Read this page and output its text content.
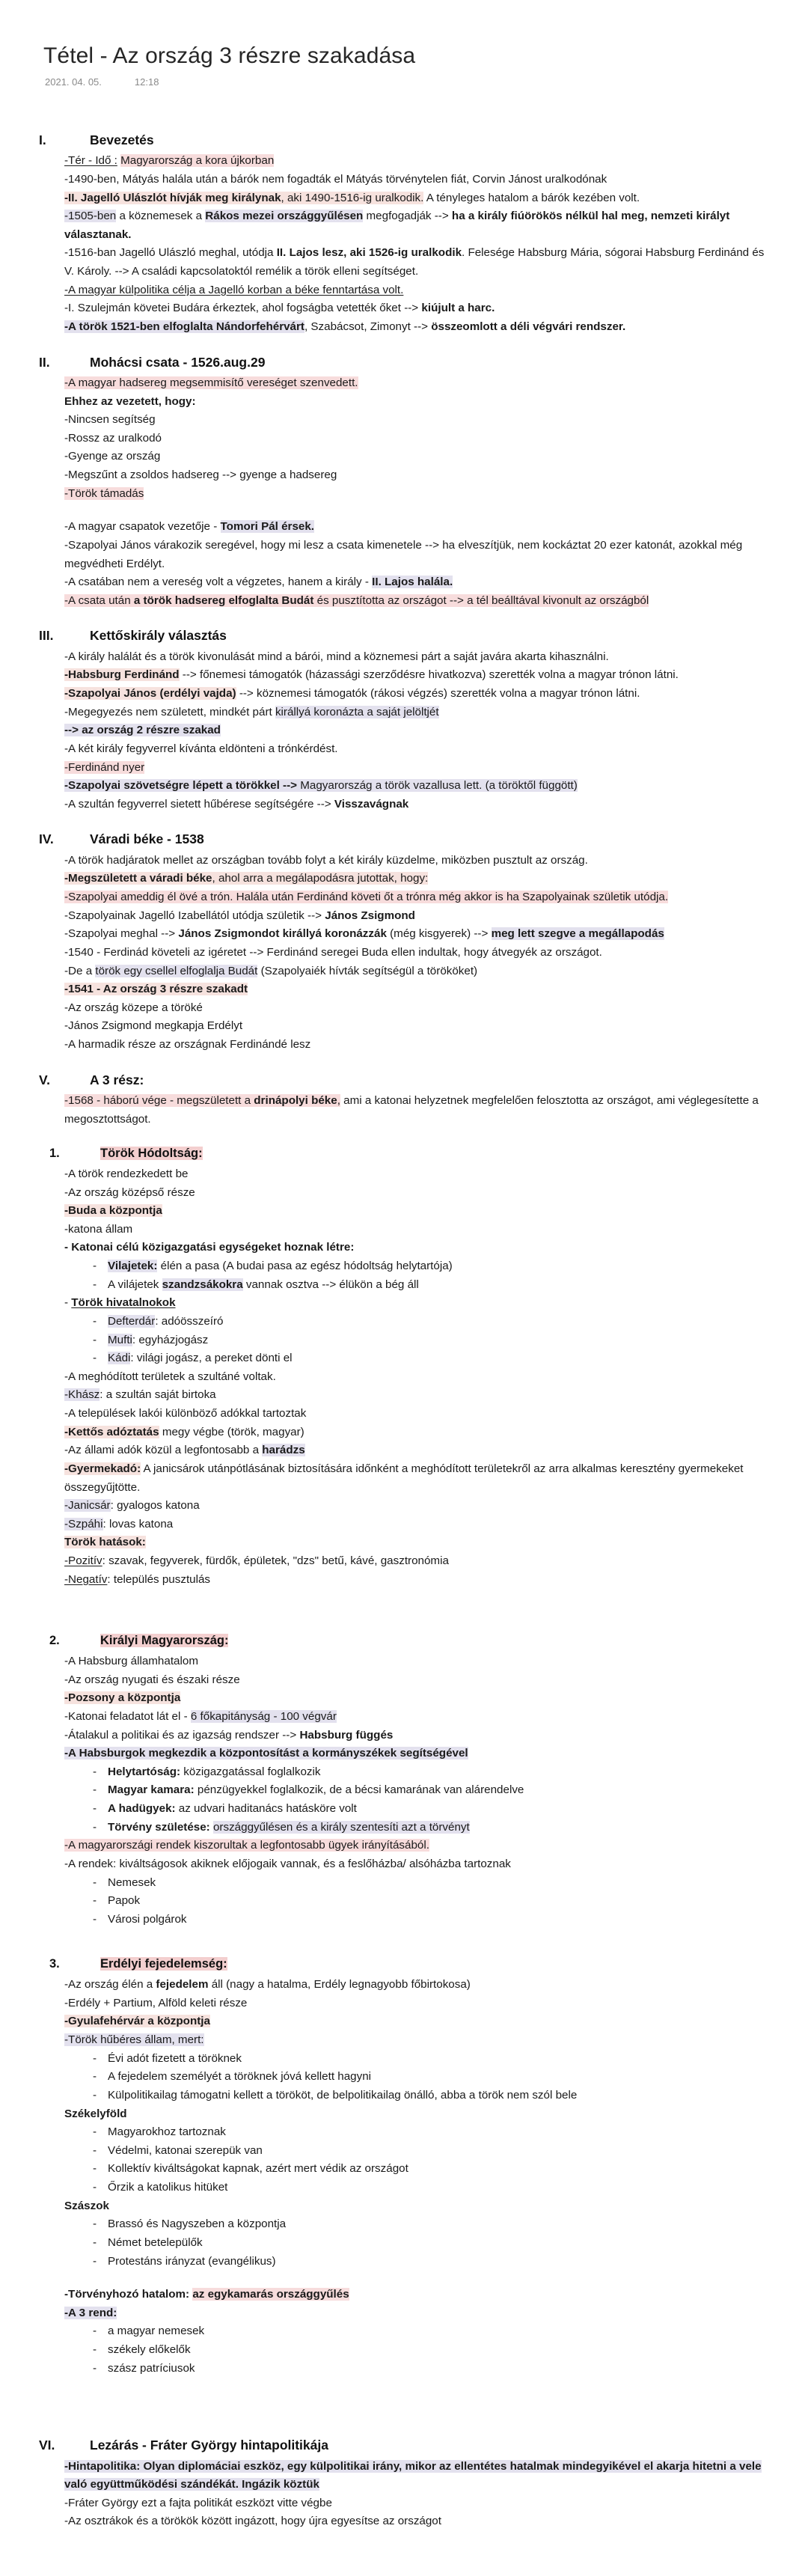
Tétel - Az ország 3 részre szakadása
2021. 04. 05.	12:18
I.	Bevezetés

-Tér - Idő : Magyarország a kora újkorban

-1490-ben, Mátyás halála után a bárók nem fogadták el Mátyás törvénytelen fiát, Corvin Jánost uralkodónak

-II. Jagelló Ulászlót hívják meg királynak, aki 1490-1516-ig uralkodik. A tényleges hatalom a bárók kezében volt.

-1505-ben a köznemesek a Rákos mezei országgyűlésen megfogadják --> ha a király fiúörökös nélkül hal meg, nemzeti királyt választanak.

-1516-ban Jagelló Ulászló meghal, utódja II. Lajos lesz, aki 1526-ig uralkodik. Felesége Habsburg Mária, sógorai Habsburg Ferdinánd és V. Károly. --> A családi kapcsolatoktól remélik a török elleni segítséget.

-A magyar külpolitika célja a Jagelló korban a béke fenntartása volt.

-I. Szulejmán követei Budára érkeztek, ahol fogságba vetették őket --> kiújult a harc.

-A török 1521-ben elfoglalta Nándorfehérvárt, Szabácsot, Zimonyt --> összeomlott a déli végvári rendszer.

II.	Mohácsi csata - 1526.aug.29

-A magyar hadsereg megsemmisítő vereséget szenvedett.

Ehhez az vezetett, hogy:

-Nincsen segítség

-Rossz az uralkodó

-Gyenge az ország

-Megszűnt a zsoldos hadsereg --> gyenge a hadsereg

-Török támadás

-A magyar csapatok vezetője - Tomori Pál érsek.

-Szapolyai János várakozik seregével, hogy mi lesz a csata kimenetele --> ha elveszítjük, nem kockáztat 20 ezer katonát, azokkal még megvédheti Erdélyt.

-A csatában nem a vereség volt a végzetes, hanem a király - II. Lajos halála.

-A csata után a török hadsereg elfoglalta Budát és pusztította az országot --> a tél beálltával kivonult az országból

III.	Kettőskirály választás

-A király halálát és a török kivonulását mind a bárói, mind a köznemesi párt a saját javára akarta kihasználni.

-Habsburg Ferdinánd --> főnemesi támogatók (házassági szerződésre hivatkozva) szerették volna a magyar trónon látni.

-Szapolyai János (erdélyi vajda) --> köznemesi támogatók (rákosi végzés) szerették volna a magyar trónon látni.

-Megegyezés nem született, mindkét párt királlyá koronázta a saját jelöltjét

--> az ország 2 részre szakad

-A két király fegyverrel kívánta eldönteni a trónkérdést.

-Ferdinánd nyer

-Szapolyai szövetségre lépett a törökkel --> Magyarország a török vazallusa lett. (a töröktől függött)

-A szultán fegyverrel sietett hűbérese segítségére --> Visszavágnak

IV.	Váradi béke - 1538

-A török hadjáratok mellet az országban tovább folyt a két király küzdelme, miközben pusztult az ország.

-Megszületett a váradi béke, ahol arra a megálapodásra jutottak, hogy:

-Szapolyai ameddig él övé a trón. Halála után Ferdinánd követi őt a trónra még akkor is ha Szapolyainak születik utódja.

-Szapolyainak Jagelló Izabellától utódja születik --> János Zsigmond

-Szapolyai meghal --> János Zsigmondot királlyá koronázzák (még kisgyerek) --> meg lett szegve a megállapodás

-1540 - Ferdinád követeli az igéretet --> Ferdinánd seregei Buda ellen indultak, hogy átvegyék az országot.

-De a török egy csellel elfoglalja Budát (Szapolyaiék hívták segítségül a törököket)

-1541 - Az ország 3 részre szakadt

-Az ország közepe a töröké

-János Zsigmond megkapja Erdélyt

-A harmadik része az országnak Ferdinándé lesz

V.	A 3 rész:

-1568 - háború vége - megszületett a drinápolyi béke, ami a katonai helyzetnek megfelelően felosztotta az országot, ami véglegesítette a megosztottságot.

1.	Török Hódoltság:

-A török rendezkedett be

-Az ország középső része

-Buda a központja

-katona állam

- Katonai célú közigazgatási egységeket hoznak létre:

- Vilajetek: élén a pasa (A budai pasa az egész hódoltság helytartója)
- A vilájetek szandzsákokra vannak osztva --> élükön a bég áll

- Török hivatalnokok

- Defterdár: adóösszeíró
- Mufti: egyházjogász
- Kádi: világi jogász, a pereket dönti el

-A meghódított területek a szultáné voltak.

-Khász: a szultán saját birtoka

-A települések lakói különböző adókkal tartoztak

-Kettős adóztatás megy végbe (török, magyar)

-Az állami adók közül a legfontosabb a harádzs

-Gyermekadó: A janicsárok utánpótlásának biztosítására időnként a meghódított területekről az arra alkalmas keresztény gyermekeket összegyűjtötte.

-Janicsár: gyalogos katona

-Szpáhi: lovas katona

Török hatások:

-Pozitív: szavak, fegyverek, fürdők, épületek, "dzs" betű, kávé, gasztronómia

-Negatív: település pusztulás

2.	Királyi Magyarország:

-A Habsburg államhatalom

-Az ország nyugati és északi része

-Pozsony a központja

-Katonai feladatot lát el - 6 főkapitányság - 100 végvár

-Átalakul a politikai és az igazság rendszer --> Habsburg függés

-A Habsburgok megkezdik a központosítást a kormányszékek segítségével

- Helytartóság: közigazgatással foglalkozik
- Magyar kamara: pénzügyekkel foglalkozik, de a bécsi kamarának van alárendelve
- A hadügyek: az udvari haditanács hatásköre volt
- Törvény születése: országgyűlésen és a király szentesíti azt a törvényt

-A magyarországi rendek kiszorultak a legfontosabb ügyek irányításából.

-A rendek: kiváltságosok akiknek előjogaik vannak, és a feslőházba/ alsóházba tartoznak

- Nemesek
- Papok
- Városi polgárok
3.	Erdélyi fejedelemség:

-Az ország élén a fejedelem áll (nagy a hatalma, Erdély legnagyobb főbirtokosa)

-Erdély + Partium, Alföld keleti része

-Gyulafehérvár a központja

-Török hűbéres állam, mert:

- Évi adót fizetett a töröknek
- A fejedelem személyét a töröknek jóvá kellett hagyni
- Külpolitikailag támogatni kellett a törököt, de belpolitikailag önálló, abba a török nem szól bele

Székelyföld

- Magyarokhoz tartoznak
- Védelmi, katonai szerepük van
- Kollektív kiváltságokat kapnak, azért mert védik az országot
- Őrzik a katolikus hitüket

Szászok

- Brassó és Nagyszeben a központja
- Német betelepülők
- Protestáns irányzat (evangélikus)

-Törvényhozó hatalom: az egykamarás országgyűlés

-A 3 rend:

- a magyar nemesek
- székely előkelők
- szász patríciusok
VI.	Lezárás - Fráter György hintapolitikája

-Hintapolitika: Olyan diplomáciai eszköz, egy külpolitikai irány, mikor az ellentétes hatalmak mindegyikével el akarja hitetni a vele való együttműködési szándékát. Ingázik köztük

-Fráter György ezt a fajta politikát eszközt vitte végbe

-Az osztrákok és a törökök között ingázott, hogy újra egyesítse az országot
